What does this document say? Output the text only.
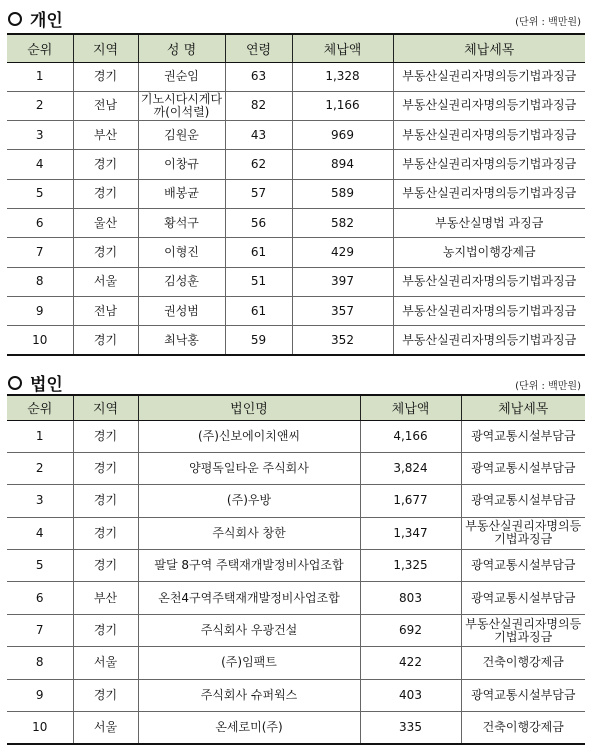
개인	(단위 : 백만원)
순위	지역	성 명	연령	체납액	체납세목
1	경기	권순임	63	1,328	부동산실권리자명의등기법과징금
2	전남	기노시다시게다까(이석렬)	82	1,166	부동산실권리자명의등기법과징금
3	부산	김원운	43	969	부동산실권리자명의등기법과징금
4	경기	이창규	62	894	부동산실권리자명의등기법과징금
5	경기	배봉균	57	589	부동산실권리자명의등기법과징금
6	울산	황석구	56	582	부동산실명법 과징금
7	경기	이형진	61	429	농지법이행강제금
8	서울	김성훈	51	397	부동산실권리자명의등기법과징금
9	전남	권성범	61	357	부동산실권리자명의등기법과징금
10	경기	최낙홍	59	352	부동산실권리자명의등기법과징금
법인	(단위 : 백만원)
순위	지역	법인명	체납액	체납세목
1	경기	(주)신보에이치앤씨	4,166	광역교통시설부담금
2	경기	양평독일타운 주식회사	3,824	광역교통시설부담금
3	경기	(주)우방	1,677	광역교통시설부담금
4	경기	주식회사 창한	1,347	부동산실권리자명의등기법과징금
5	경기	팔달 8구역 주택재개발정비사업조합	1,325	광역교통시설부담금
6	부산	온천4구역주택재개발정비사업조합	803	광역교통시설부담금
7	경기	주식회사 우광건설	692	부동산실권리자명의등기법과징금
8	서울	(주)임팩트	422	건축이행강제금
9	경기	주식회사 슈퍼웍스	403	광역교통시설부담금
10	서울	온세로미(주)	335	건축이행강제금
